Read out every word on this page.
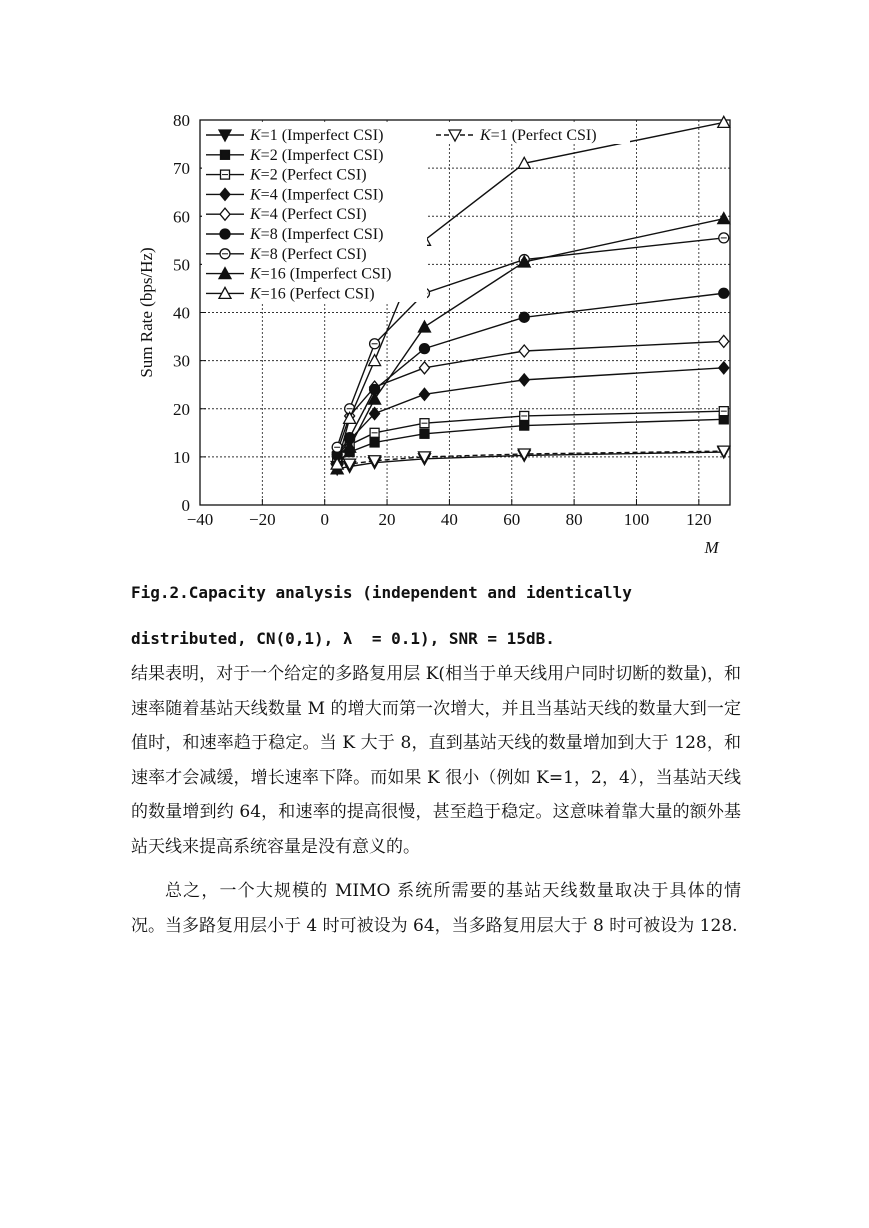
0
10
20
30
40
50
60
70
80
−40 −20	0	20	40	60	80 100 120
K=1 (Imperfect CSI)
K=2 (Imperfect CSI)
K=2 (Perfect CSI)
K=4 (Imperfect CSI)
K=4 (Perfect CSI)
K=8 (Imperfect CSI)
K=8 (Perfect CSI)
K=16 (Imperfect CSI)
K=16 (Perfect CSI)
K=1 (Perfect CSI)
M
Sum Rate (bps/Hz)
Fig.2.Capacity analysis (independent and identically
distributed, CN(0,1), λ  = 0.1), SNR = 15dB.

结果表明，对于一个给定的多路复用层 K(相当于单天线用户同时切断的数量)，和速率随着基站天线数量 M 的增大而第一次增大，并且当基站天线的数量大到一定值时，和速率趋于稳定。当 K 大于 8，直到基站天线的数量增加到大于 128，和速率才会减缓，增长速率下降。而如果 K 很小（例如 K=1，2，4），当基站天线的数量增到约 64，和速率的提高很慢，甚至趋于稳定。这意味着靠大量的额外基站天线来提高系统容量是没有意义的。

总之，一个大规模的 MIMO 系统所需要的基站天线数量取决于具体的情况。当多路复用层小于 4 时可被设为 64，当多路复用层大于 8 时可被设为 128.
